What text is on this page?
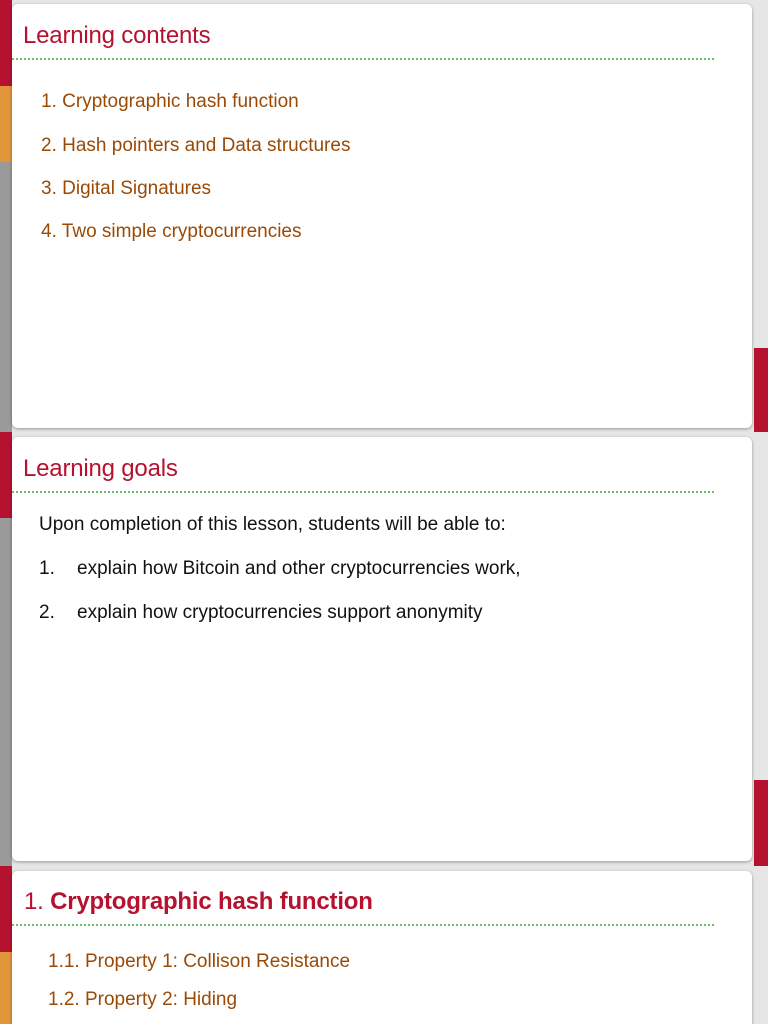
Learning contents
1. Cryptographic hash function
2. Hash pointers and Data structures
3. Digital Signatures
4. Two simple cryptocurrencies
Learning goals
Upon completion of this lesson, students will be able to:
1. explain how Bitcoin and other cryptocurrencies work,
2. explain how cryptocurrencies support anonymity
1. Cryptographic hash function
1.1. Property 1: Collison Resistance
1.2. Property 2: Hiding
